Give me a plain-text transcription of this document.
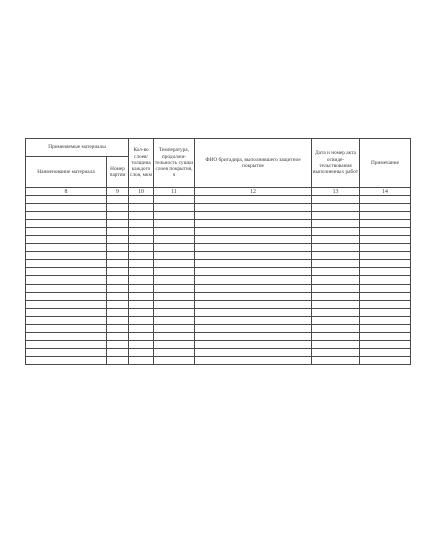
Применяемые материалы		Кол-во слоев/ толщина каждого слоя, мкм	Температура, продолжи- тельность сушки слоев покрытия, ч	ФИО бригадира, выполнившего защитное покрытие	Дата и номер акта освиде- тельствования выполненных работ	Примечание
Наименование материала	Номер партии					
8	9	10	11	12	13	14
